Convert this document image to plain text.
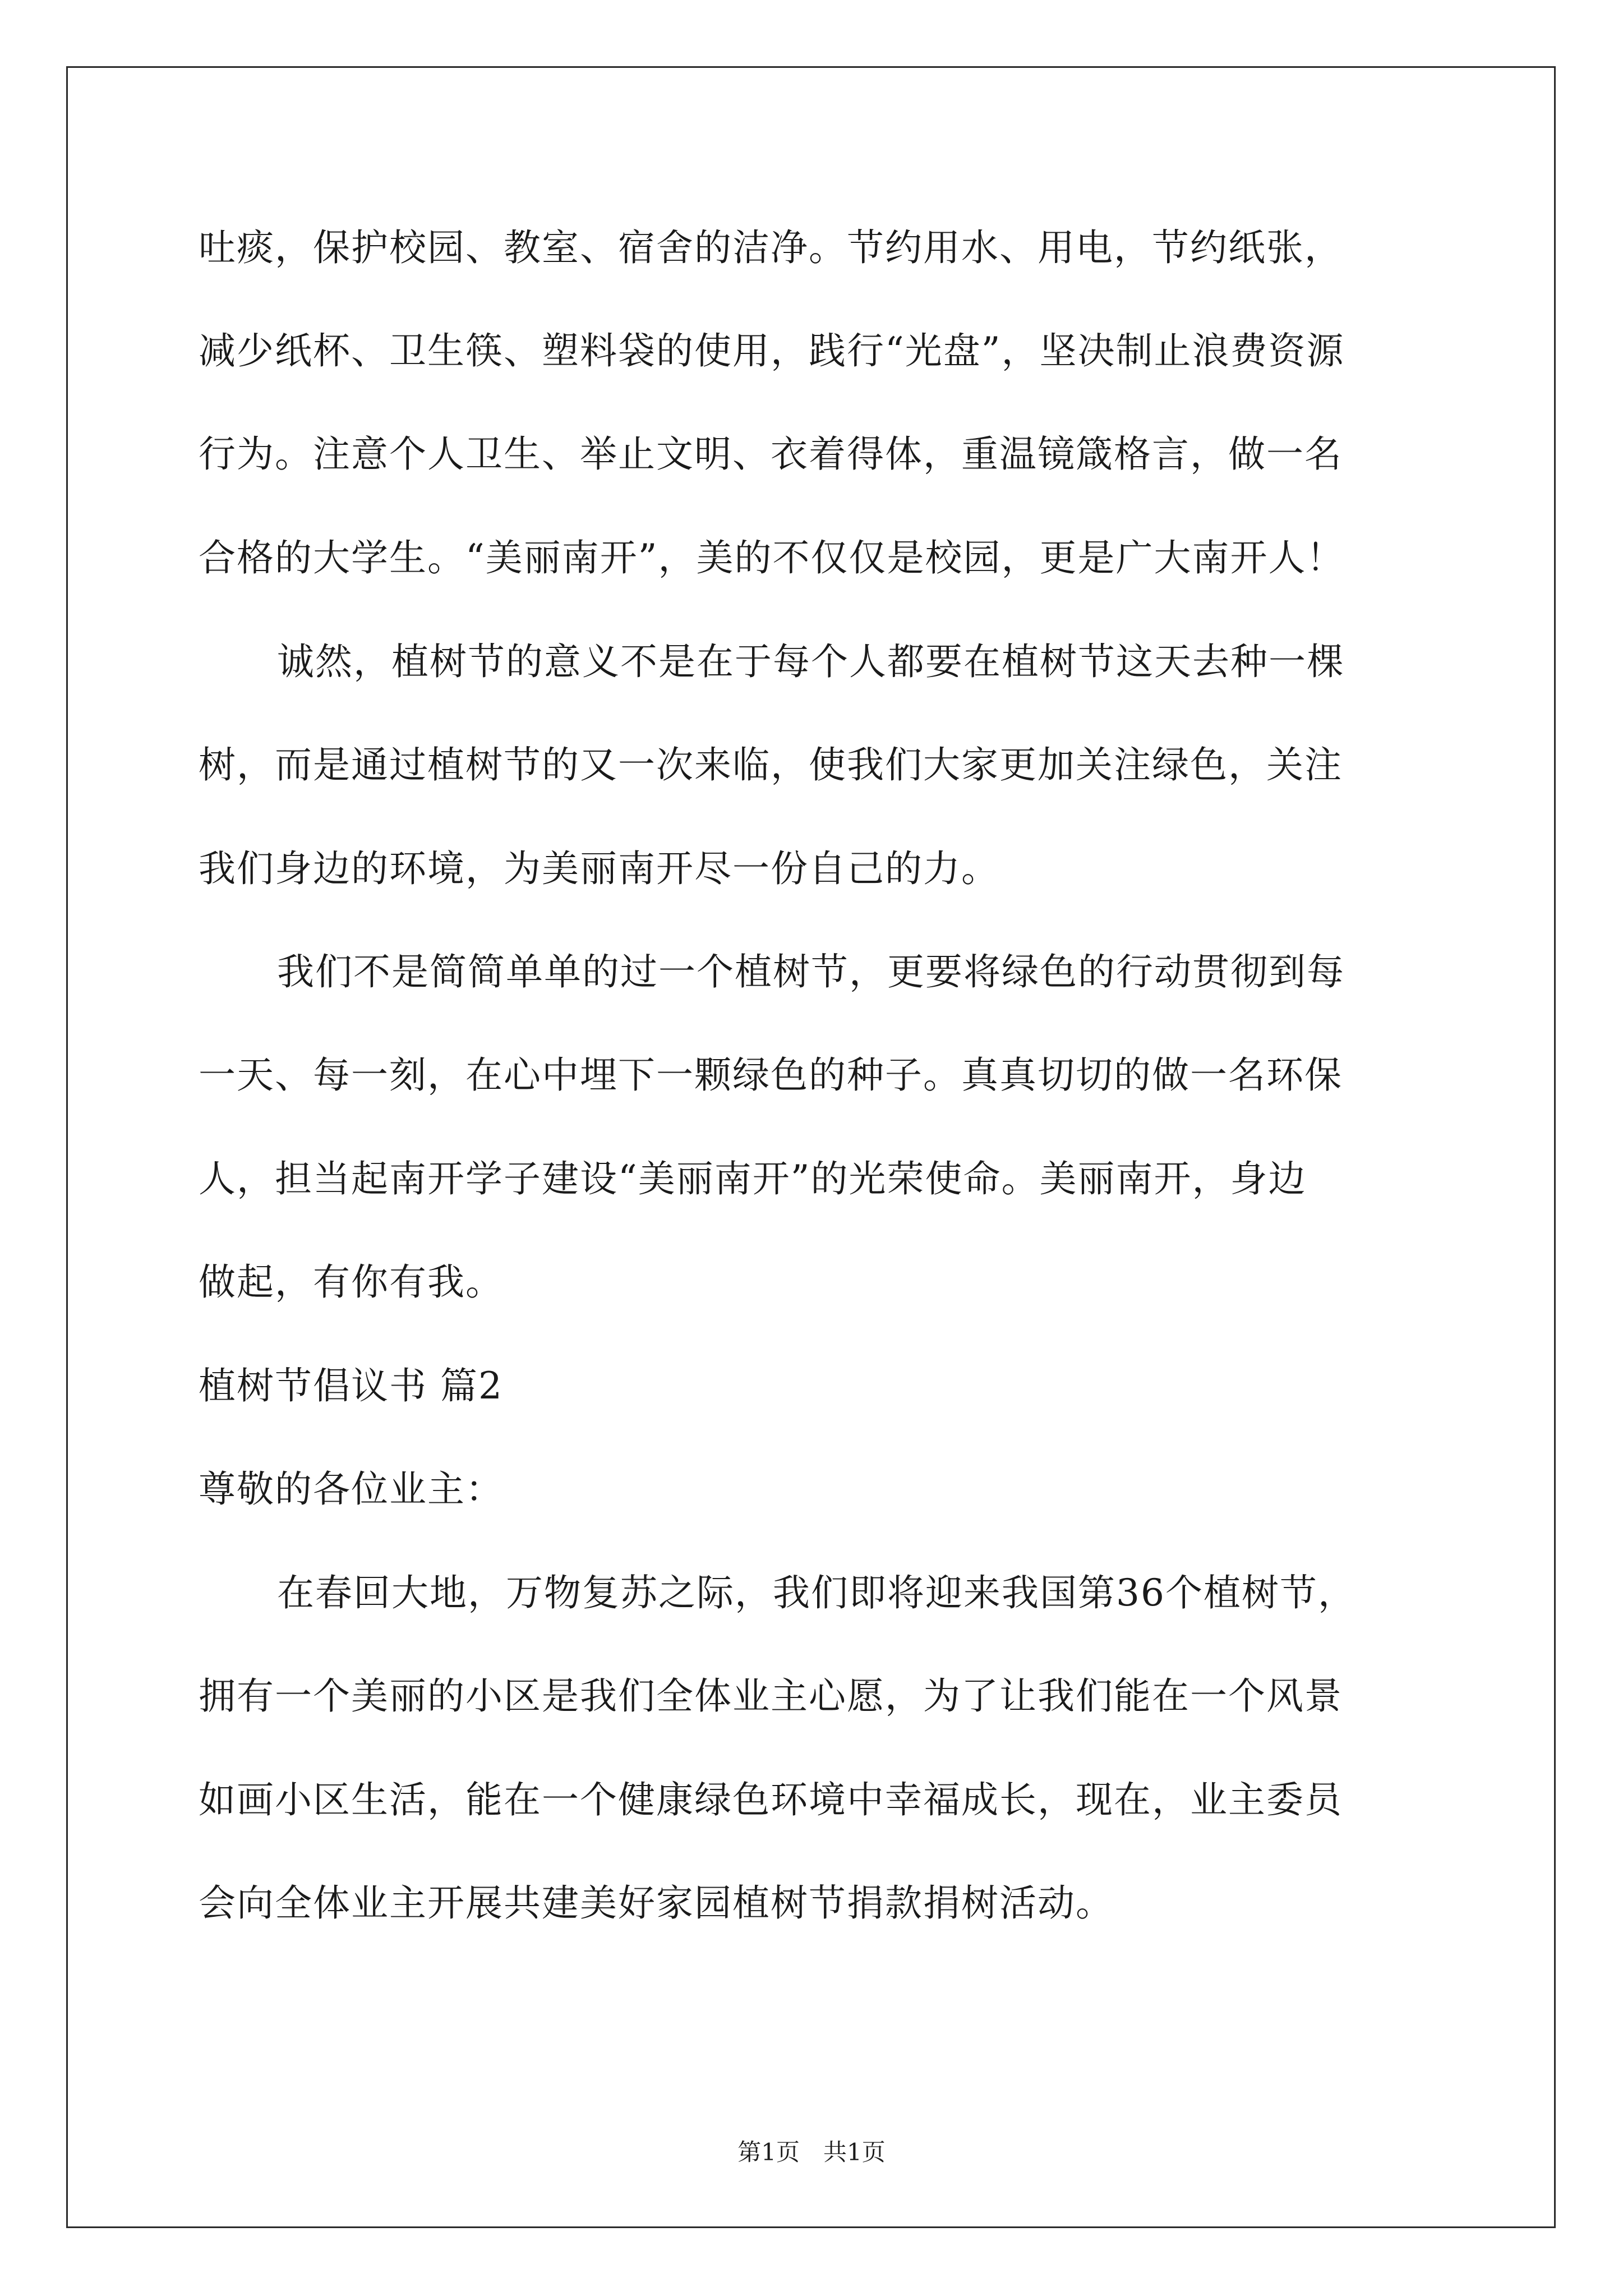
吐痰，保护校园、教室、宿舍的洁净。节约用水、用电，节约纸张，
减少纸杯、卫生筷、塑料袋的使用，践行“光盘”，坚决制止浪费资源
行为。注意个人卫生、举止文明、衣着得体，重温镜箴格言，做一名
合格的大学生。“美丽南开”，美的不仅仅是校园，更是广大南开人！
诚然，植树节的意义不是在于每个人都要在植树节这天去种一棵
树，而是通过植树节的又一次来临，使我们大家更加关注绿色，关注
我们身边的环境，为美丽南开尽一份自己的力。
我们不是简简单单的过一个植树节，更要将绿色的行动贯彻到每
一天、每一刻，在心中埋下一颗绿色的种子。真真切切的做一名环保
人，担当起南开学子建设“美丽南开”的光荣使命。美丽南开，身边
做起，有你有我。
植树节倡议书 篇2
尊敬的各位业主：
在春回大地，万物复苏之际，我们即将迎来我国第36个植树节，
拥有一个美丽的小区是我们全体业主心愿，为了让我们能在一个风景
如画小区生活，能在一个健康绿色环境中幸福成长，现在，业主委员
会向全体业主开展共建美好家园植树节捐款捐树活动。
第1页　共1页
